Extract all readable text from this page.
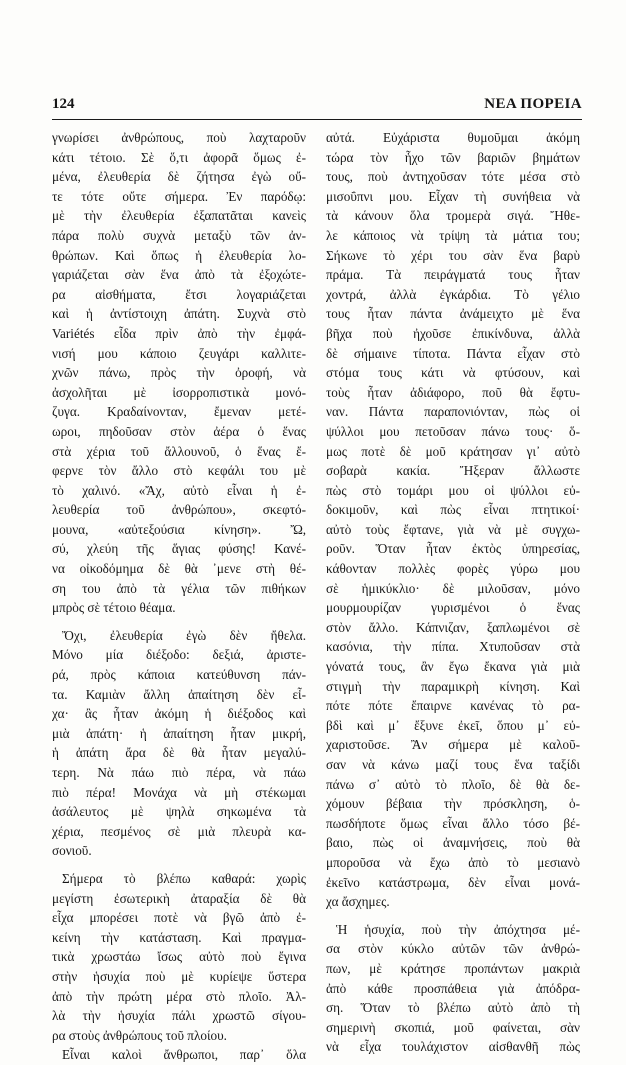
124	ΝΕΑ ΠΟΡΕΙΑ
γνωρίσει ἀνθρώπους, ποὺ λαχταροῦν
κάτι τέτοιο. Σὲ ὅ,τι ἀφορᾶ ὅμως ἐ-
μένα, ἐλευθερία δὲ ζήτησα ἐγὼ οὔ-
τε τότε οὔτε σήμερα. Ἐν παρόδῳ:
μὲ τὴν ἐλευθερία ἐξαπατᾶται κανεὶς
πάρα πολὺ συχνὰ μεταξὺ τῶν ἀν-
θρώπων. Καὶ ὅπως ἡ ἐλευθερία λο-
γαριάζεται σὰν ἕνα ἀπὸ τὰ ἐξοχώτε-
ρα αἰσθήματα, ἔτσι λογαριάζεται
καὶ ἡ ἀντίστοιχη ἀπάτη. Συχνὰ στὸ
Variétés εἶδα πρὶν ἀπὸ τὴν ἐμφά-
νισή μου κάποιο ζευγάρι καλλιτε-
χνῶν πάνω, πρὸς τὴν ὀροφή, νὰ
ἀσχολῆται μὲ ἰσορροπιστικὰ μονό-
ζυγα. Κραδαίνονταν, ἔμεναν μετέ-
ωροι, πηδοῦσαν στὸν ἀέρα ὁ ἕνας
στὰ χέρια τοῦ ἄλλουνοῦ, ὁ ἕνας ἔ-
φερνε τὸν ἄλλο στὸ κεφάλι του μὲ
τὸ χαλινό. «Ἄχ, αὐτὸ εἶναι ἡ ἐ-
λευθερία τοῦ ἀνθρώπου», σκεφτό-
μουνα, «αὐτεξούσια κίνηση». Ὤ,
σύ, χλεύη τῆς ἅγιας φύσης! Κανέ-
να οἰκοδόμημα δὲ θὰ ᾽μενε στὴ θέ-
ση του ἀπὸ τὰ γέλια τῶν πιθήκων
μπρὸς σὲ τέτοιο θέαμα.
Ὄχι, ἐλευθερία ἐγὼ δὲν ἤθελα.
Μόνο μία διέξοδο: δεξιά, ἀριστε-
ρά, πρὸς κάποια κατεύθυνση πάν-
τα. Καμιὰν ἄλλη ἀπαίτηση δὲν εἶ-
χα· ἂς ἦταν ἀκόμη ἡ διέξοδος καὶ
μιὰ ἀπάτη· ἡ ἀπαίτηση ἦταν μικρή,
ἡ ἀπάτη ἄρα δὲ θὰ ἦταν μεγαλύ-
τερη. Νὰ πάω πιὸ πέρα, νὰ πάω
πιὸ πέρα! Μονάχα νὰ μὴ στέκωμαι
ἀσάλευτος μὲ ψηλὰ σηκωμένα τὰ
χέρια, πεσμένος σὲ μιὰ πλευρὰ κα-
σονιοῦ.
Σήμερα τὸ βλέπω καθαρά: χωρὶς
μεγίστη ἐσωτερικὴ ἀταραξία δὲ θὰ
εἶχα μπορέσει ποτὲ νὰ βγῶ ἀπὸ ἐ-
κείνη τὴν κατάσταση. Καὶ πραγμα-
τικὰ χρωστάω ἴσως αὐτὸ ποὺ ἔγινα
στὴν ἡσυχία ποὺ μὲ κυρίεψε ὕστερα
ἀπὸ τὴν πρώτη μέρα στὸ πλοῖο. Ἀλ-
λὰ τὴν ἡσυχία πάλι χρωστῶ σίγου-
ρα στοὺς ἀνθρώπους τοῦ πλοίου.
Εἶναι καλοὶ ἄνθρωποι, παρ᾽ ὅλα
αὐτά. Εὐχάριστα θυμοῦμαι ἀκόμη
τώρα τὸν ἦχο τῶν βαριῶν βημάτων
τους, ποὺ ἀντηχοῦσαν τότε μέσα στὸ
μισοΰπνι μου. Εἶχαν τὴ συνήθεια νὰ
τὰ κάνουν ὅλα τρομερὰ σιγά. Ἤθε-
λε κάποιος νὰ τρίψη τὰ μάτια του;
Σήκωνε τὸ χέρι του σὰν ἕνα βαρὺ
πράμα. Τὰ πειράγματά τους ἦταν
χοντρά, ἀλλὰ ἐγκάρδια. Τὸ γέλιο
τους ἦταν πάντα ἀνάμειχτο μὲ ἕνα
βῆχα ποὺ ἠχοῦσε ἐπικίνδυνα, ἀλλὰ
δὲ σήμαινε τίποτα. Πάντα εἶχαν στὸ
στόμα τους κάτι νὰ φτύσουν, καὶ
τοὺς ἦταν ἀδιάφορο, ποῦ θὰ ἔφτυ-
ναν. Πάντα παραπονιόνταν, πὼς οἱ
ψύλλοι μου πετοῦσαν πάνω τους· ὅ-
μως ποτὲ δὲ μοῦ κράτησαν γι᾽ αὐτὸ
σοβαρὰ κακία. Ἤξεραν ἄλλωστε
πὼς στὸ τομάρι μου οἱ ψύλλοι εὐ-
δοκιμοῦν, καὶ πὼς εἶναι πτητικοί·
αὐτὸ τοὺς ἔφτανε, γιὰ νὰ μὲ συγχω-
ροῦν. Ὅταν ἦταν ἐκτὸς ὑπηρεσίας,
κάθονταν πολλὲς φορὲς γύρω μου
σὲ ἡμικύκλιο· δὲ μιλοῦσαν, μόνο
μουρμουρίζαν γυρισμένοι ὁ ἕνας
στὸν ἄλλο. Κάπνιζαν, ξαπλωμένοι σὲ
κασόνια, τὴν πίπα. Χτυποῦσαν στὰ
γόνατά τους, ἂν ἔγω ἔκανα γιὰ μιὰ
στιγμὴ τὴν παραμικρὴ κίνηση. Καὶ
πότε πότε ἔπαιρνε κανένας τὸ ρα-
βδὶ καὶ μ᾽ ἔξυνε ἐκεῖ, ὅπου μ᾽ εὐ-
χαριστοῦσε. Ἂν σήμερα μὲ καλοῦ-
σαν νὰ κάνω μαζί τους ἕνα ταξίδι
πάνω σ᾽ αὐτὸ τὸ πλοῖο, δὲ θὰ δε-
χόμουν βέβαια τὴν πρόσκληση, ὁ-
πωσδήποτε ὅμως εἶναι ἄλλο τόσο βέ-
βαιο, πὼς οἱ ἀναμνήσεις, ποὺ θὰ
μποροῦσα νὰ ἔχω ἀπὸ τὸ μεσιανὸ
ἐκεῖνο κατάστρωμα, δὲν εἶναι μονά-
χα ἄσχημες.
Ἡ ἡσυχία, ποὺ τὴν ἀπόχτησα μέ-
σα στὸν κύκλο αὐτῶν τῶν ἀνθρώ-
πων, μὲ κράτησε προπάντων μακριὰ
ἀπὸ κάθε προσπάθεια γιὰ ἀπόδρα-
ση. Ὅταν τὸ βλέπω αὐτὸ ἀπὸ τὴ
σημερινὴ σκοπιά, μοῦ φαίνεται, σὰν
νὰ εἶχα τουλάχιστον αἰσθανθῆ πὼς
